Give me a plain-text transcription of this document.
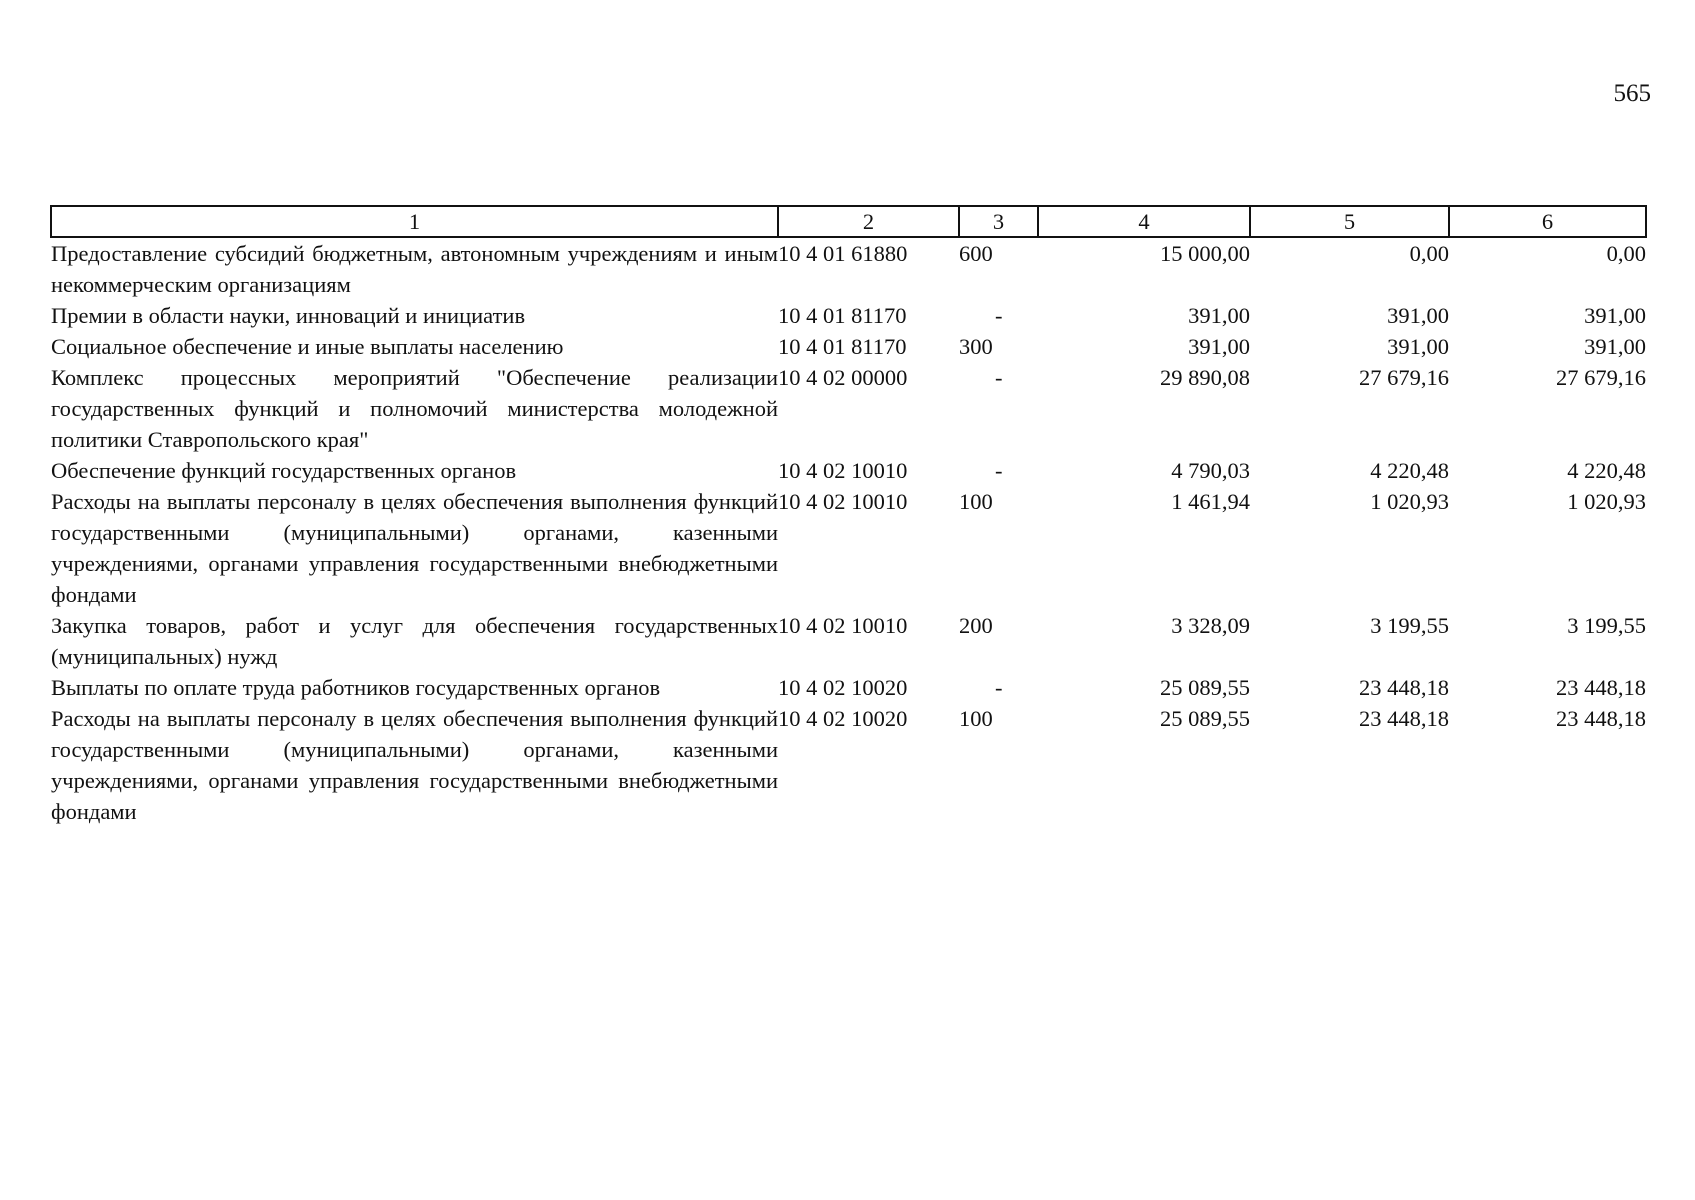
565
1	2	3	4	5	6
Предоставление субсидий бюджетным, автономным учреждениям и иным некоммерческим организациям	10 4 01 61880	600	15 000,00	0,00	0,00
Премии в области науки, инноваций и инициатив	10 4 01 81170	-	391,00	391,00	391,00
Социальное обеспечение и иные выплаты населению	10 4 01 81170	300	391,00	391,00	391,00
Комплекс процессных мероприятий "Обеспечение реализации государственных функций и полномочий министерства молодежной политики Ставропольского края"	10 4 02 00000	-	29 890,08	27 679,16	27 679,16
Обеспечение функций государственных органов	10 4 02 10010	-	4 790,03	4 220,48	4 220,48
Расходы на выплаты персоналу в целях обеспечения выполнения функций государственными (муниципальными) органами, казенными учреждениями, органами управления государственными внебюджетными фондами	10 4 02 10010	100	1 461,94	1 020,93	1 020,93
Закупка товаров, работ и услуг для обеспечения государственных (муниципальных) нужд	10 4 02 10010	200	3 328,09	3 199,55	3 199,55
Выплаты по оплате труда работников государственных органов	10 4 02 10020	-	25 089,55	23 448,18	23 448,18
Расходы на выплаты персоналу в целях обеспечения выполнения функций государственными (муниципальными) органами, казенными учреждениями, органами управления государственными внебюджетными фондами	10 4 02 10020	100	25 089,55	23 448,18	23 448,18
